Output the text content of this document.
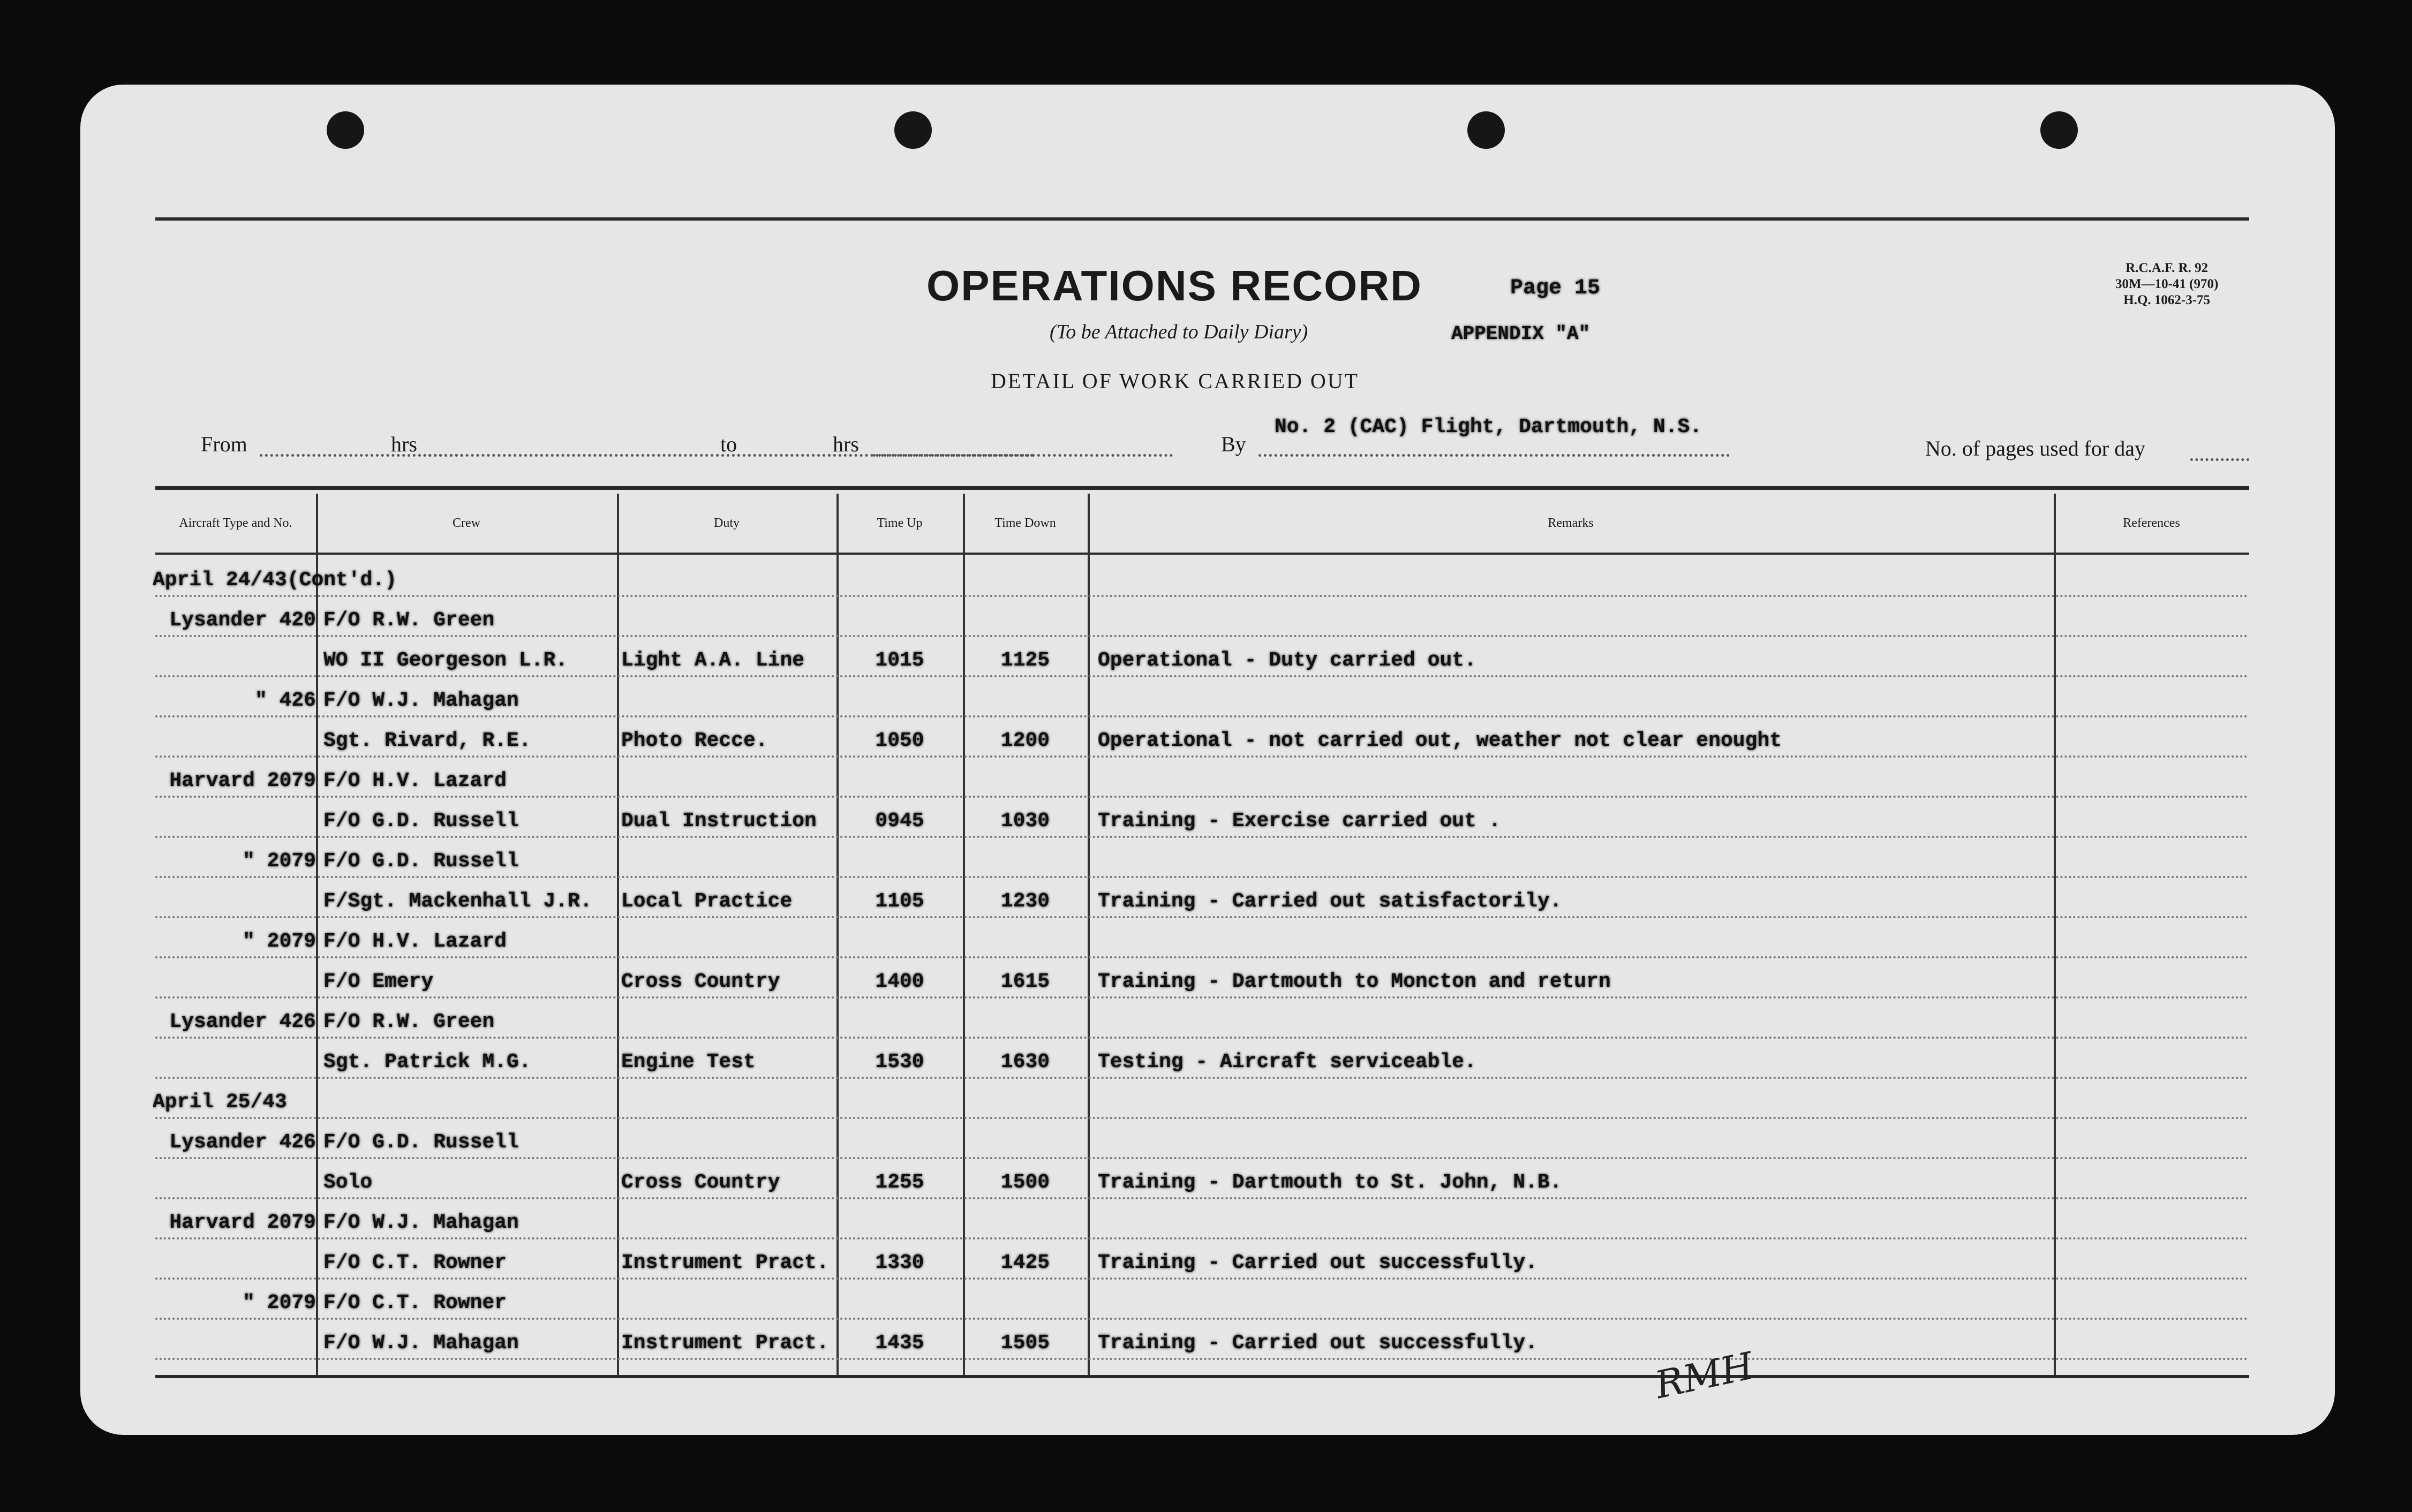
OPERATIONS RECORD	Page 15
(To be Attached to Daily Diary)	APPENDIX "A"
DETAIL OF WORK CARRIED OUT
R.C.A.F. R. 92
30M—10-41 (970)
H.Q. 1062-3-75
From	hrs	to	hrs	By
No. 2 (CAC) Flight, Dartmouth, N.S.
No. of pages used for day
Aircraft Type and No.	Crew	Duty	Time Up	Time Down	Remarks	References
April 24/43(Cont'd.)
Lysander 420 F/O R.W. Green
WO II Georgeson L.R.	Light A.A. Line	1015	1125	Operational - Duty carried out.
" 426 F/O W.J. Mahagan
Sgt. Rivard, R.E.	Photo Recce.	1050	1200	Operational - not carried out, weather not clear enought
Harvard 2079 F/O H.V. Lazard
F/O G.D. Russell	Dual Instruction	0945	1030	Training - Exercise carried out .
" 2079 F/O G.D. Russell
F/Sgt. Mackenhall J.R.	Local Practice	1105	1230	Training - Carried out satisfactorily.
" 2079 F/O H.V. Lazard
F/O Emery	Cross Country	1400	1615	Training - Dartmouth to Moncton and return
Lysander 426 F/O R.W. Green
Sgt. Patrick M.G.	Engine Test	1530	1630	Testing - Aircraft serviceable.
April 25/43
Lysander 426 F/O G.D. Russell
Solo	Cross Country	1255	1500	Training - Dartmouth to St. John, N.B.
Harvard 2079 F/O W.J. Mahagan
F/O C.T. Rowner	Instrument Pract.	1330	1425	Training - Carried out successfully.
" 2079 F/O C.T. Rowner
F/O W.J. Mahagan	Instrument Pract.	1435	1505	Training - Carried out successfully.
RMH
